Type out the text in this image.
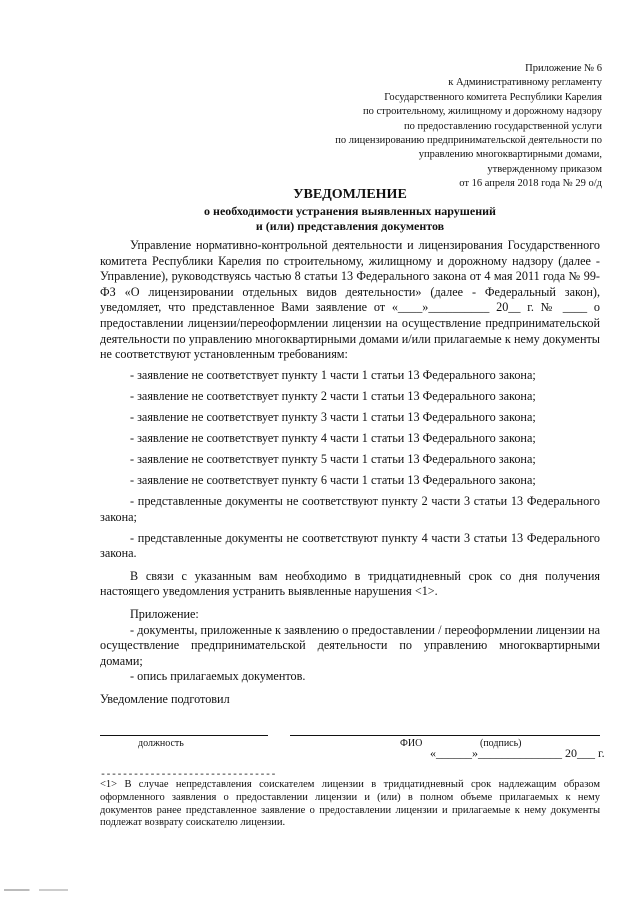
Приложение № 6
к Административному регламенту
Государственного комитета Республики Карелия
по строительному, жилищному и дорожному надзору
по предоставлению государственной услуги
по лицензированию предпринимательской деятельности по
управлению многоквартирными домами,
утвержденному приказом
от 16 апреля 2018 года № 29 о/д
УВЕДОМЛЕНИЕ
о необходимости устранения выявленных нарушений
и (или) представления документов

Управление нормативно-контрольной деятельности и лицензирования Государственного комитета Республики Карелия по строительному, жилищному и дорожному надзору (далее - Управление), руководствуясь частью 8 статьи 13 Федерального закона от 4 мая 2011 года № 99-ФЗ «О лицензировании отдельных видов деятельности» (далее - Федеральный закон), уведомляет, что представленное Вами заявление от «____»__________ 20__ г. № ____ о предоставлении лицензии/переоформлении лицензии на осуществление предпринимательской деятельности по управлению многоквартирными домами и/или прилагаемые к нему документы не соответствуют установленным требованиям:

- заявление не соответствует пункту 1 части 1 статьи 13 Федерального закона;

- заявление не соответствует пункту 2 части 1 статьи 13 Федерального закона;

- заявление не соответствует пункту 3 части 1 статьи 13 Федерального закона;

- заявление не соответствует пункту 4 части 1 статьи 13 Федерального закона;

- заявление не соответствует пункту 5 части 1 статьи 13 Федерального закона;

- заявление не соответствует пункту 6 части 1 статьи 13 Федерального закона;

- представленные документы не соответствуют пункту 2 части 3 статьи 13 Федерального закона;

- представленные документы не соответствуют пункту 4 части 3 статьи 13 Федерального закона.

В связи с указанным вам необходимо в тридцатидневный срок со дня получения настоящего уведомления устранить выявленные нарушения <1>.

Приложение:

- документы, приложенные к заявлению о предоставлении / переоформлении лицензии на осуществление предпринимательской деятельности по управлению многоквартирными домами;

- опись прилагаемых документов.

Уведомление подготовил

должность	ФИО	(подпись)
«______»______________ 20___ г.
--------------------------------

<1> В случае непредставления соискателем лицензии в тридцатидневный срок надлежащим образом оформленного заявления о предоставлении лицензии и (или) в полном объеме прилагаемых к нему документов ранее представленное заявление о предоставлении лицензии и прилагаемые к нему документы подлежат возврату соискателю лицензии.
